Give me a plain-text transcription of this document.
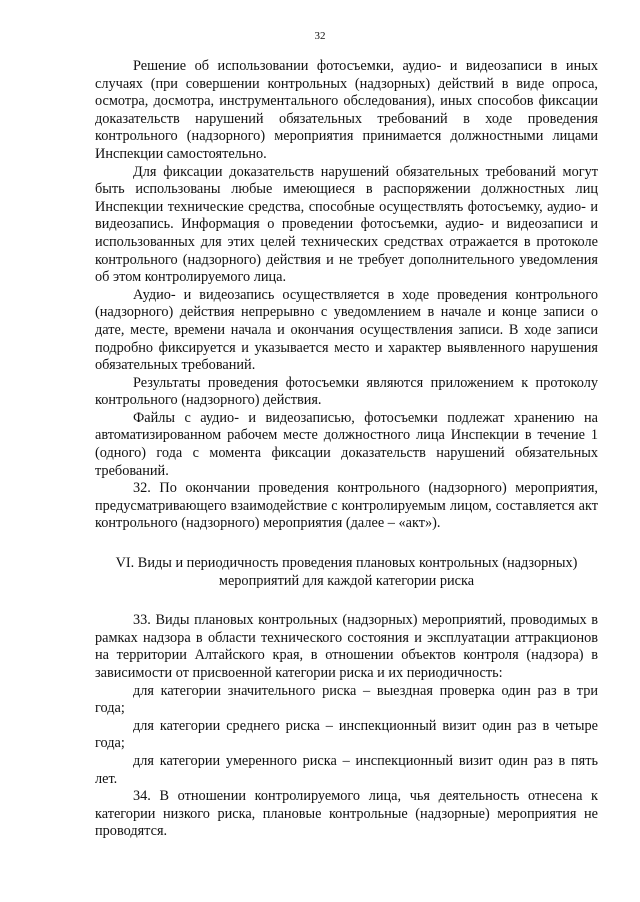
32

Решение об использовании фотосъемки, аудио- и видеозаписи в иных случаях (при совершении контрольных (надзорных) действий в виде опроса, осмотра, досмотра, инструментального обследования), иных способов фиксации доказательств нарушений обязательных требований в ходе проведения контрольного (надзорного) мероприятия принимается должностными лицами Инспекции самостоятельно.

Для фиксации доказательств нарушений обязательных требований могут быть использованы любые имеющиеся в распоряжении должностных лиц Инспекции технические средства, способные осуществлять фотосъемку, аудио- и видеозапись. Информация о проведении фотосъемки, аудио- и видеозаписи и использованных для этих целей технических средствах отражается в протоколе контрольного (надзорного) действия и не требует дополнительного уведомления об этом контролируемого лица.

Аудио- и видеозапись осуществляется в ходе проведения контрольного (надзорного) действия непрерывно с уведомлением в начале и конце записи о дате, месте, времени начала и окончания осуществления записи. В ходе записи подробно фиксируется и указывается место и характер выявленного нарушения обязательных требований.

Результаты проведения фотосъемки являются приложением к протоколу контрольного (надзорного) действия.

Файлы с аудио- и видеозаписью, фотосъемки подлежат хранению на автоматизированном рабочем месте должностного лица Инспекции в течение 1 (одного) года с момента фиксации доказательств нарушений обязательных требований.

32. По окончании проведения контрольного (надзорного) мероприятия, предусматривающего взаимодействие с контролируемым лицом, составляется акт контрольного (надзорного) мероприятия (далее – «акт»).

VI. Виды и периодичность проведения плановых контрольных (надзорных)
мероприятий для каждой категории риска

33. Виды плановых контрольных (надзорных) мероприятий, проводимых в рамках надзора в области технического состояния и эксплуатации аттракционов на территории Алтайского края, в отношении объектов контроля (надзора) в зависимости от присвоенной категории риска и их периодичность:

для категории значительного риска – выездная проверка один раз в три года;

для категории среднего риска – инспекционный визит один раз в четыре года;

для категории умеренного риска – инспекционный визит один раз в пять лет.

34. В отношении контролируемого лица, чья деятельность отнесена к категории низкого риска, плановые контрольные (надзорные) мероприятия не проводятся.
